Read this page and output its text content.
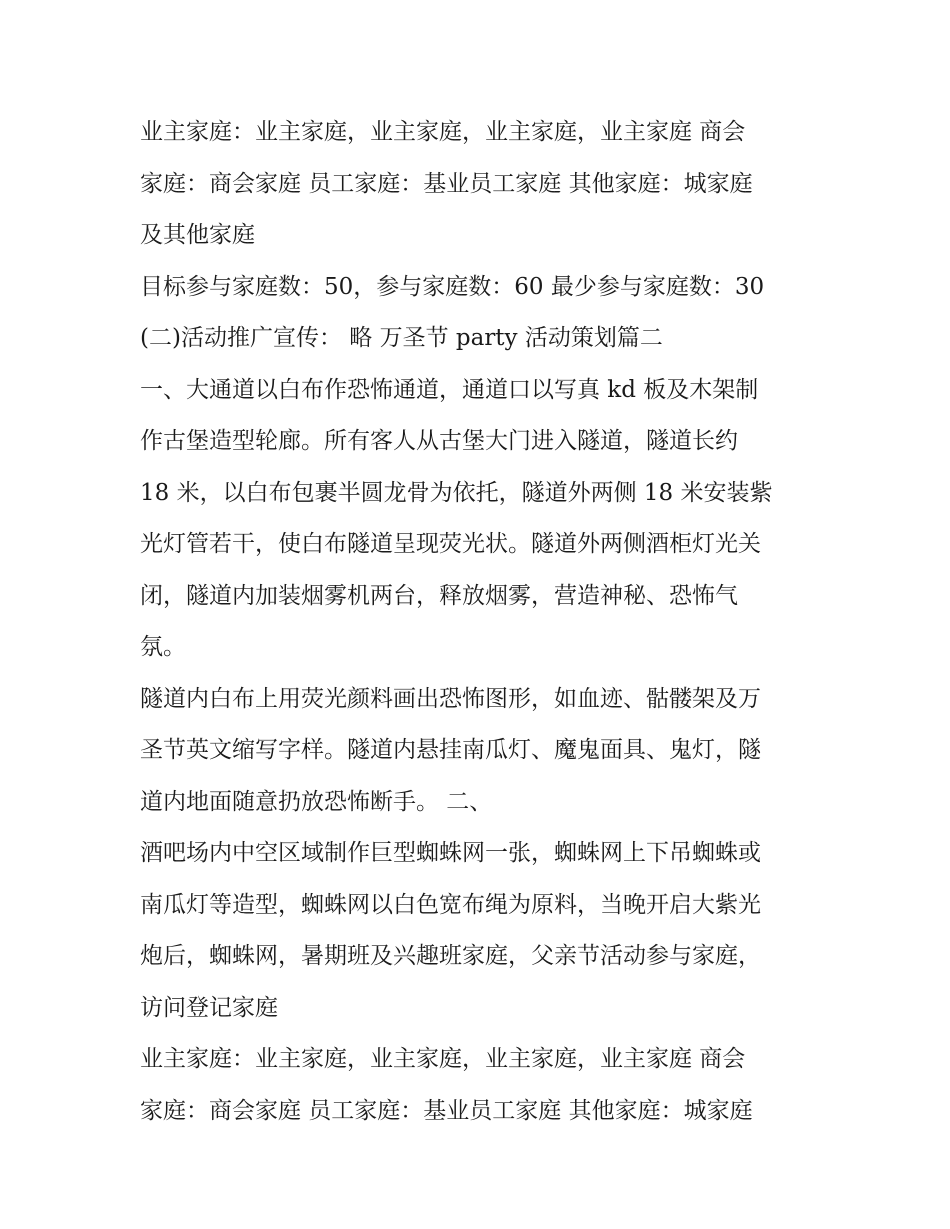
业主家庭：业主家庭，业主家庭，业主家庭，业主家庭 商会
家庭：商会家庭 员工家庭：基业员工家庭 其他家庭：城家庭
及其他家庭

目标参与家庭数：50，参与家庭数：60 最少参与家庭数：30

(二)活动推广宣传： 略 万圣节 party 活动策划篇二

一、大通道以白布作恐怖通道，通道口以写真 kd 板及木架制
作古堡造型轮廊。所有客人从古堡大门进入隧道，隧道长约
18 米，以白布包裹半圆龙骨为依托，隧道外两侧 18 米安装紫
光灯管若干，使白布隧道呈现荧光状。隧道外两侧酒柜灯光关
闭，隧道内加装烟雾机两台，释放烟雾，营造神秘、恐怖气
氛。

隧道内白布上用荧光颜料画出恐怖图形，如血迹、骷髅架及万
圣节英文缩写字样。隧道内悬挂南瓜灯、魔鬼面具、鬼灯，隧
道内地面随意扔放恐怖断手。 二、

酒吧场内中空区域制作巨型蜘蛛网一张，蜘蛛网上下吊蜘蛛或
南瓜灯等造型，蜘蛛网以白色宽布绳为原料，当晚开启大紫光
炮后，蜘蛛网，暑期班及兴趣班家庭，父亲节活动参与家庭，
访问登记家庭

业主家庭：业主家庭，业主家庭，业主家庭，业主家庭 商会
家庭：商会家庭 员工家庭：基业员工家庭 其他家庭：城家庭
